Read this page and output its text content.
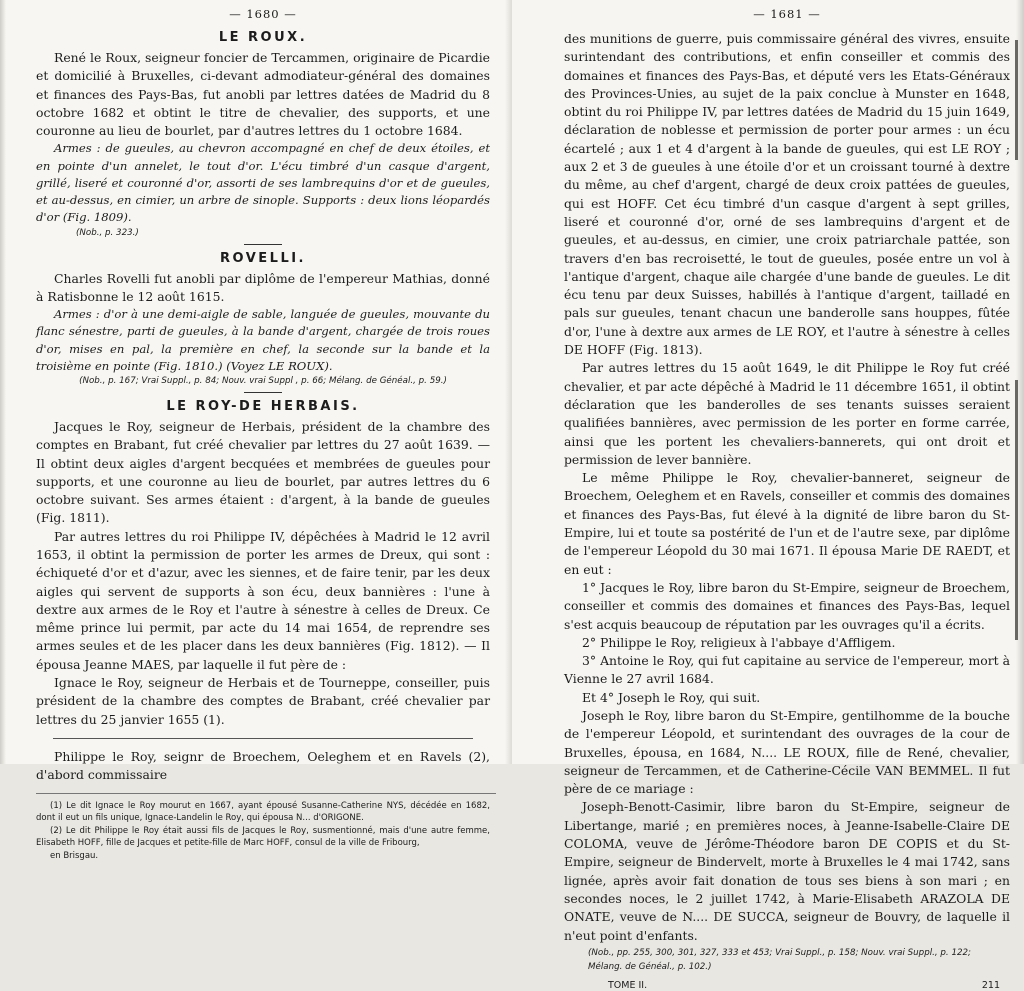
— 1680 —
LE ROUX.

René le Roux, seigneur foncier de Tercammen, originaire de Picardie et domicilié à Bruxelles, ci-devant admodiateur-général des domaines et finances des Pays-Bas, fut anobli par lettres datées de Madrid du 8 octobre 1682 et obtint le titre de chevalier, des supports, et une couronne au lieu de bourlet, par d'autres lettres du 1 octobre 1684.

Armes : de gueules, au chevron accompagné en chef de deux étoiles, et en pointe d'un annelet, le tout d'or. L'écu timbré d'un casque d'argent, grillé, liseré et couronné d'or, assorti de ses lambrequins d'or et de gueules, et au-dessus, en cimier, un arbre de sinople. Supports : deux lions léopardés d'or (Fig. 1809).

(Nob., p. 323.)
ROVELLI.

Charles Rovelli fut anobli par diplôme de l'empereur Mathias, donné à Ratisbonne le 12 août 1615.

Armes : d'or à une demi-aigle de sable, languée de gueules, mouvante du flanc sénestre, parti de gueules, à la bande d'argent, chargée de trois roues d'or, mises en pal, la première en chef, la seconde sur la bande et la troisième en pointe (Fig. 1810.) (Voyez LE ROUX).

(Nob., p. 167; Vrai Suppl., p. 84; Nouv. vrai Suppl , p. 66; Mélang. de Généal., p. 59.)
LE ROY-DE HERBAIS.

Jacques le Roy, seigneur de Herbais, président de la chambre des comptes en Brabant, fut créé chevalier par lettres du 27 août 1639. — Il obtint deux aigles d'argent becquées et membrées de gueules pour supports, et une couronne au lieu de bourlet, par autres lettres du 6 octobre suivant. Ses armes étaient : d'argent, à la bande de gueules (Fig. 1811).

Par autres lettres du roi Philippe IV, dépêchées à Madrid le 12 avril 1653, il obtint la permission de porter les armes de Dreux, qui sont : échiqueté d'or et d'azur, avec les siennes, et de faire tenir, par les deux aigles qui servent de supports à son écu, deux bannières : l'une à dextre aux armes de le Roy et l'autre à sénestre à celles de Dreux. Ce même prince lui permit, par acte du 14 mai 1654, de reprendre ses armes seules et de les placer dans les deux bannières (Fig. 1812). — Il épousa Jeanne MAES, par laquelle il fut père de :

Ignace le Roy, seigneur de Herbais et de Tourneppe, conseiller, puis président de la chambre des comptes de Brabant, créé chevalier par lettres du 25 janvier 1655 (1).

Philippe le Roy, seignr de Broechem, Oeleghem et en Ravels (2), d'abord commissaire

(1) Le dit Ignace le Roy mourut en 1667, ayant épousé Susanne-Catherine NYS, décédée en 1682, dont il eut un fils unique, Ignace-Landelin le Roy, qui épousa N... d'ORIGONE.

(2) Le dit Philippe le Roy était aussi fils de Jacques le Roy, susmentionné, mais d'une autre femme, Elisabeth HOFF, fille de Jacques et petite-fille de Marc HOFF, consul de la ville de Fribourg,

en Brisgau.

— 1681 —

des munitions de guerre, puis commissaire général des vivres, ensuite surintendant des contributions, et enfin conseiller et commis des domaines et finances des Pays-Bas, et député vers les Etats-Généraux des Provinces-Unies, au sujet de la paix conclue à Munster en 1648, obtint du roi Philippe IV, par lettres datées de Madrid du 15 juin 1649, déclaration de noblesse et permission de porter pour armes : un écu écartelé ; aux 1 et 4 d'argent à la bande de gueules, qui est LE ROY ; aux 2 et 3 de gueules à une étoile d'or et un croissant tourné à dextre du même, au chef d'argent, chargé de deux croix pattées de gueules, qui est HOFF. Cet écu timbré d'un casque d'argent à sept grilles, liseré et couronné d'or, orné de ses lambrequins d'argent et de gueules, et au-dessus, en cimier, une croix patriarchale pattée, son travers d'en bas recroisetté, le tout de gueules, posée entre un vol à l'antique d'argent, chaque aile chargée d'une bande de gueules. Le dit écu tenu par deux Suisses, habillés à l'antique d'argent, tailladé en pals sur gueules, tenant chacun une banderolle sans houppes, fûtée d'or, l'une à dextre aux armes de LE ROY, et l'autre à sénestre à celles DE HOFF (Fig. 1813).

Par autres lettres du 15 août 1649, le dit Philippe le Roy fut créé chevalier, et par acte dépêché à Madrid le 11 décembre 1651, il obtint déclaration que les banderolles de ses tenants suisses seraient qualifiées bannières, avec permission de les porter en forme carrée, ainsi que les portent les chevaliers-bannerets, qui ont droit et permission de lever bannière.

Le même Philippe le Roy, chevalier-banneret, seigneur de Broechem, Oeleghem et en Ravels, conseiller et commis des domaines et finances des Pays-Bas, fut élevé à la dignité de libre baron du St-Empire, lui et toute sa postérité de l'un et de l'autre sexe, par diplôme de l'empereur Léopold du 30 mai 1671. Il épousa Marie DE RAEDT, et en eut :

1° Jacques le Roy, libre baron du St-Empire, seigneur de Broechem, conseiller et commis des domaines et finances des Pays-Bas, lequel s'est acquis beaucoup de réputation par les ouvrages qu'il a écrits.

2° Philippe le Roy, religieux à l'abbaye d'Affligem.

3° Antoine le Roy, qui fut capitaine au service de l'empereur, mort à Vienne le 27 avril 1684.

Et 4° Joseph le Roy, qui suit.

Joseph le Roy, libre baron du St-Empire, gentilhomme de la bouche de l'empereur Léopold, et surintendant des ouvrages de la cour de Bruxelles, épousa, en 1684, N.... LE ROUX, fille de René, chevalier, seigneur de Tercammen, et de Catherine-Cécile VAN BEMMEL. Il fut père de ce mariage :

Joseph-Benott-Casimir, libre baron du St-Empire, seigneur de Libertange, marié ; en premières noces, à Jeanne-Isabelle-Claire DE COLOMA, veuve de Jérôme-Théodore baron DE COPIS et du St-Empire, seigneur de Bindervelt, morte à Bruxelles le 4 mai 1742, sans lignée, après avoir fait donation de tous ses biens à son mari ; en secondes noces, le 2 juillet 1742, à Marie-Elisabeth ARAZOLA DE ONATE, veuve de N.... DE SUCCA, seigneur de Bouvry, de laquelle il n'eut point d'enfants.

(Nob., pp. 255, 300, 301, 327, 333 et 453; Vrai Suppl., p. 158; Nouv. vrai Suppl., p. 122;
Mélang. de Généal., p. 102.)
TOME II.	211
